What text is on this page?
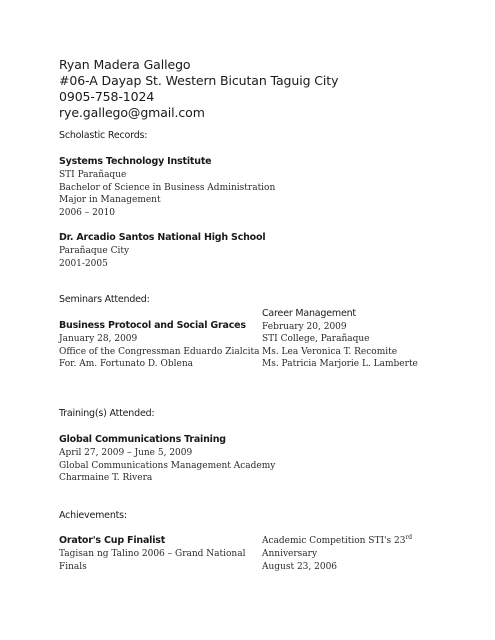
Ryan Madera Gallego
#06-A Dayap St. Western Bicutan Taguig City
0905-758-1024
rye.gallego@gmail.com
Scholastic Records:
Systems Technology Institute
STI Parañaque
Bachelor of Science in Business Administration
Major in Management
2006 – 2010
Dr. Arcadio Santos National High School
Parañaque City
2001-2005
Seminars Attended:
Business Protocol and Social Graces
January 28, 2009
Office of the Congressman Eduardo Zialcita
For. Am. Fortunato D. Oblena
Career Management
February 20, 2009
STI College, Parañaque
Ms. Lea Veronica T. Recomite
Ms. Patricia Marjorie L. Lamberte
Training(s) Attended:
Global Communications Training
April 27, 2009 – June 5, 2009
Global Communications Management Academy
Charmaine T. Rivera
Achievements:
Orator's Cup Finalist
Tagisan ng Talino 2006 – Grand National
Finals
Academic Competition STI's 23rd
Anniversary
August 23, 2006
